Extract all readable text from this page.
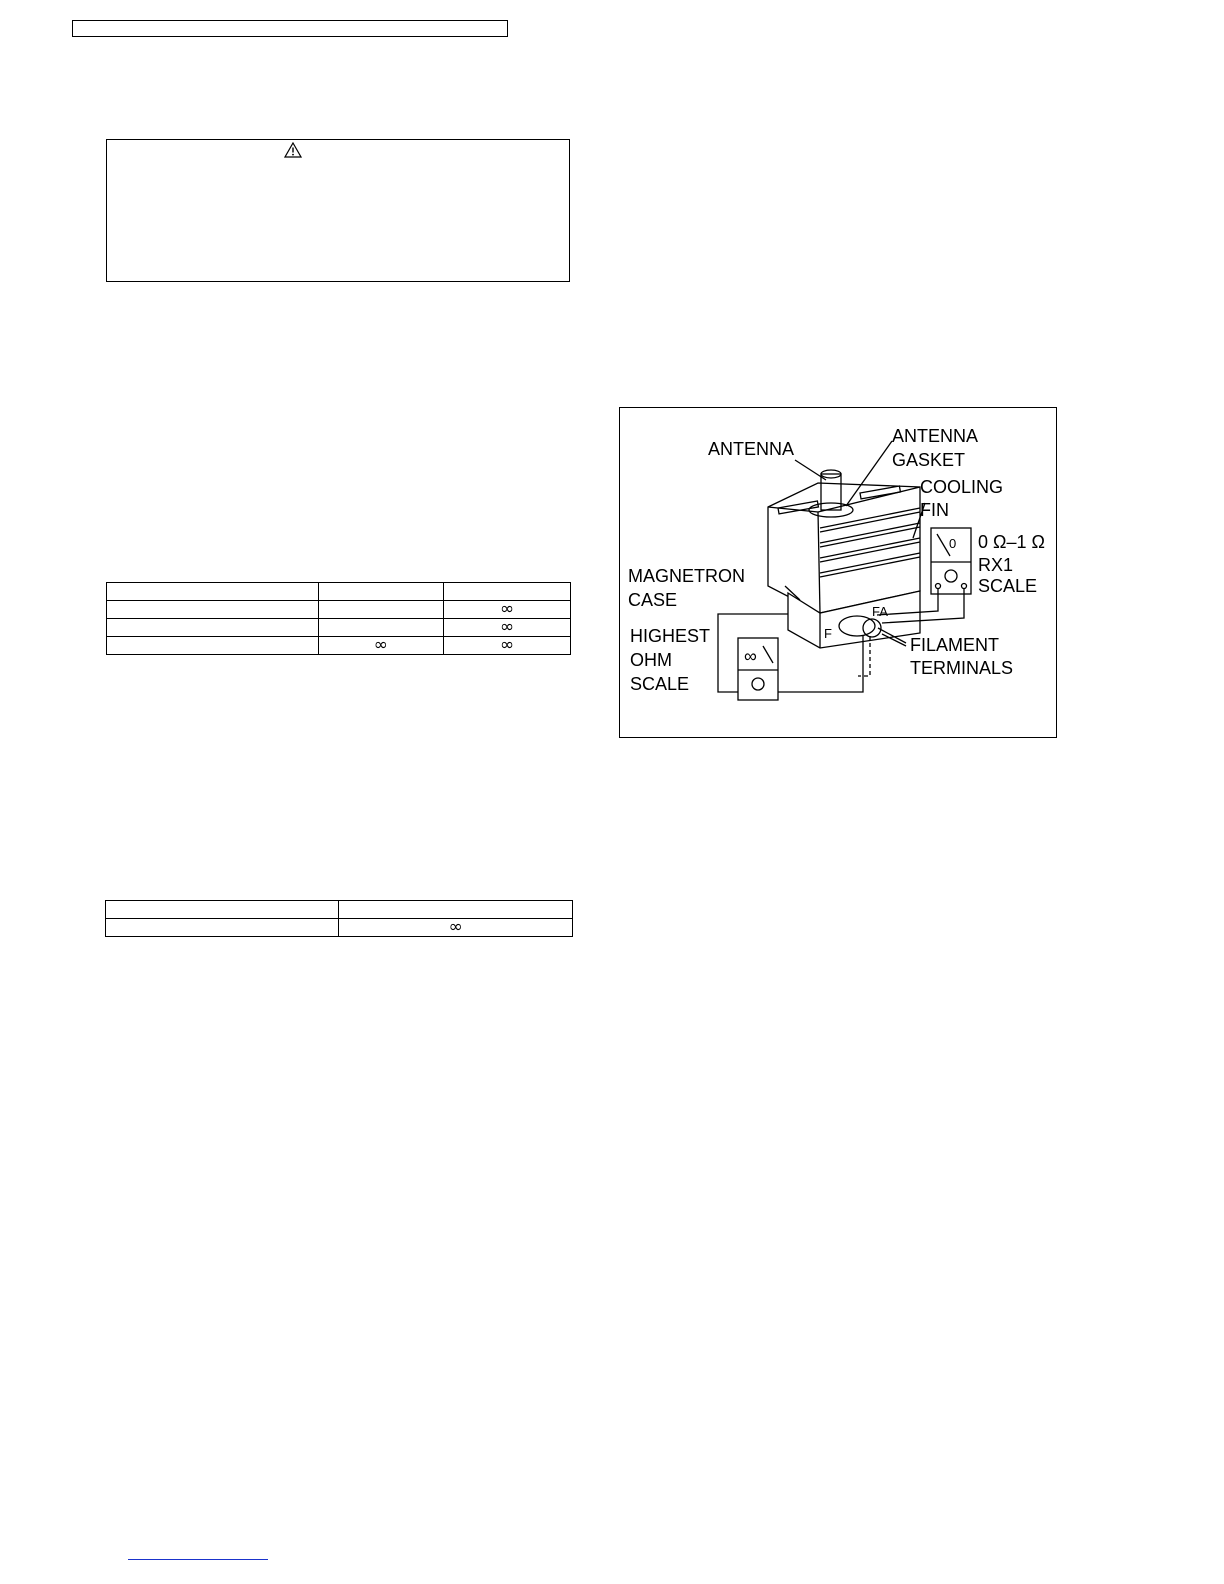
		∞
		∞
	∞	∞

	∞
ANTENNA
ANTENNA
GASKET
COOLING
FIN
0 Ω–1 Ω
RX1
SCALE
MAGNETRON
CASE
HIGHEST
OHM
SCALE
FILAMENT
TERMINALS
F
FA
0
∞
